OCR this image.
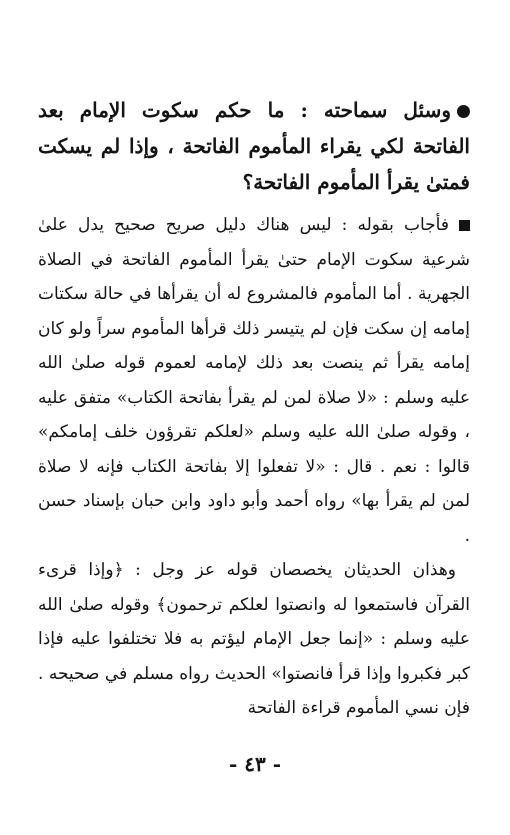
وسئل سماحته : ما حكم سكوت الإمام بعد الفاتحة لكي يقراء المأموم الفاتحة ، وإذا لم يسكت فمتىٰ يقرأ المأموم الفاتحة؟

فأجاب بقوله : ليس هناك دليل صريح صحيح يدل علىٰ شرعية سكوت الإمام حتىٰ يقرأ المأموم الفاتحة في الصلاة الجهرية . أما المأموم فالمشروع له أن يقرأها في حالة سكتات إمامه إن سكت فإن لم يتيسر ذلك قرأها المأموم سراً ولو كان إمامه يقرأ ثم ينصت بعد ذلك لإمامه لعموم قوله صلىٰ الله عليه وسلم : «لا صلاة لمن لم يقرأ بفاتحة الكتاب» متفق عليه ، وقوله صلىٰ الله عليه وسلم «لعلكم تقرؤون خلف إمامكم» قالوا : نعم . قال : «لا تفعلوا إلا بفاتحة الكتاب فإنه لا صلاة لمن لم يقرأ بها» رواه أحمد وأبو داود وابن حبان بإسناد حسن .

وهذان الحديثان يخصصان قوله عز وجل : ﴿وإذا قرىء القرآن فاستمعوا له وانصتوا لعلكم ترحمون﴾ وقوله صلىٰ الله عليه وسلم : «إنما جعل الإمام ليؤتم به فلا تختلفوا عليه فإذا كبر فكبروا وإذا قرأ فانصتوا» الحديث رواه مسلم في صحيحه . فإن نسي المأموم قراءة الفاتحة

- ٤٣ -
